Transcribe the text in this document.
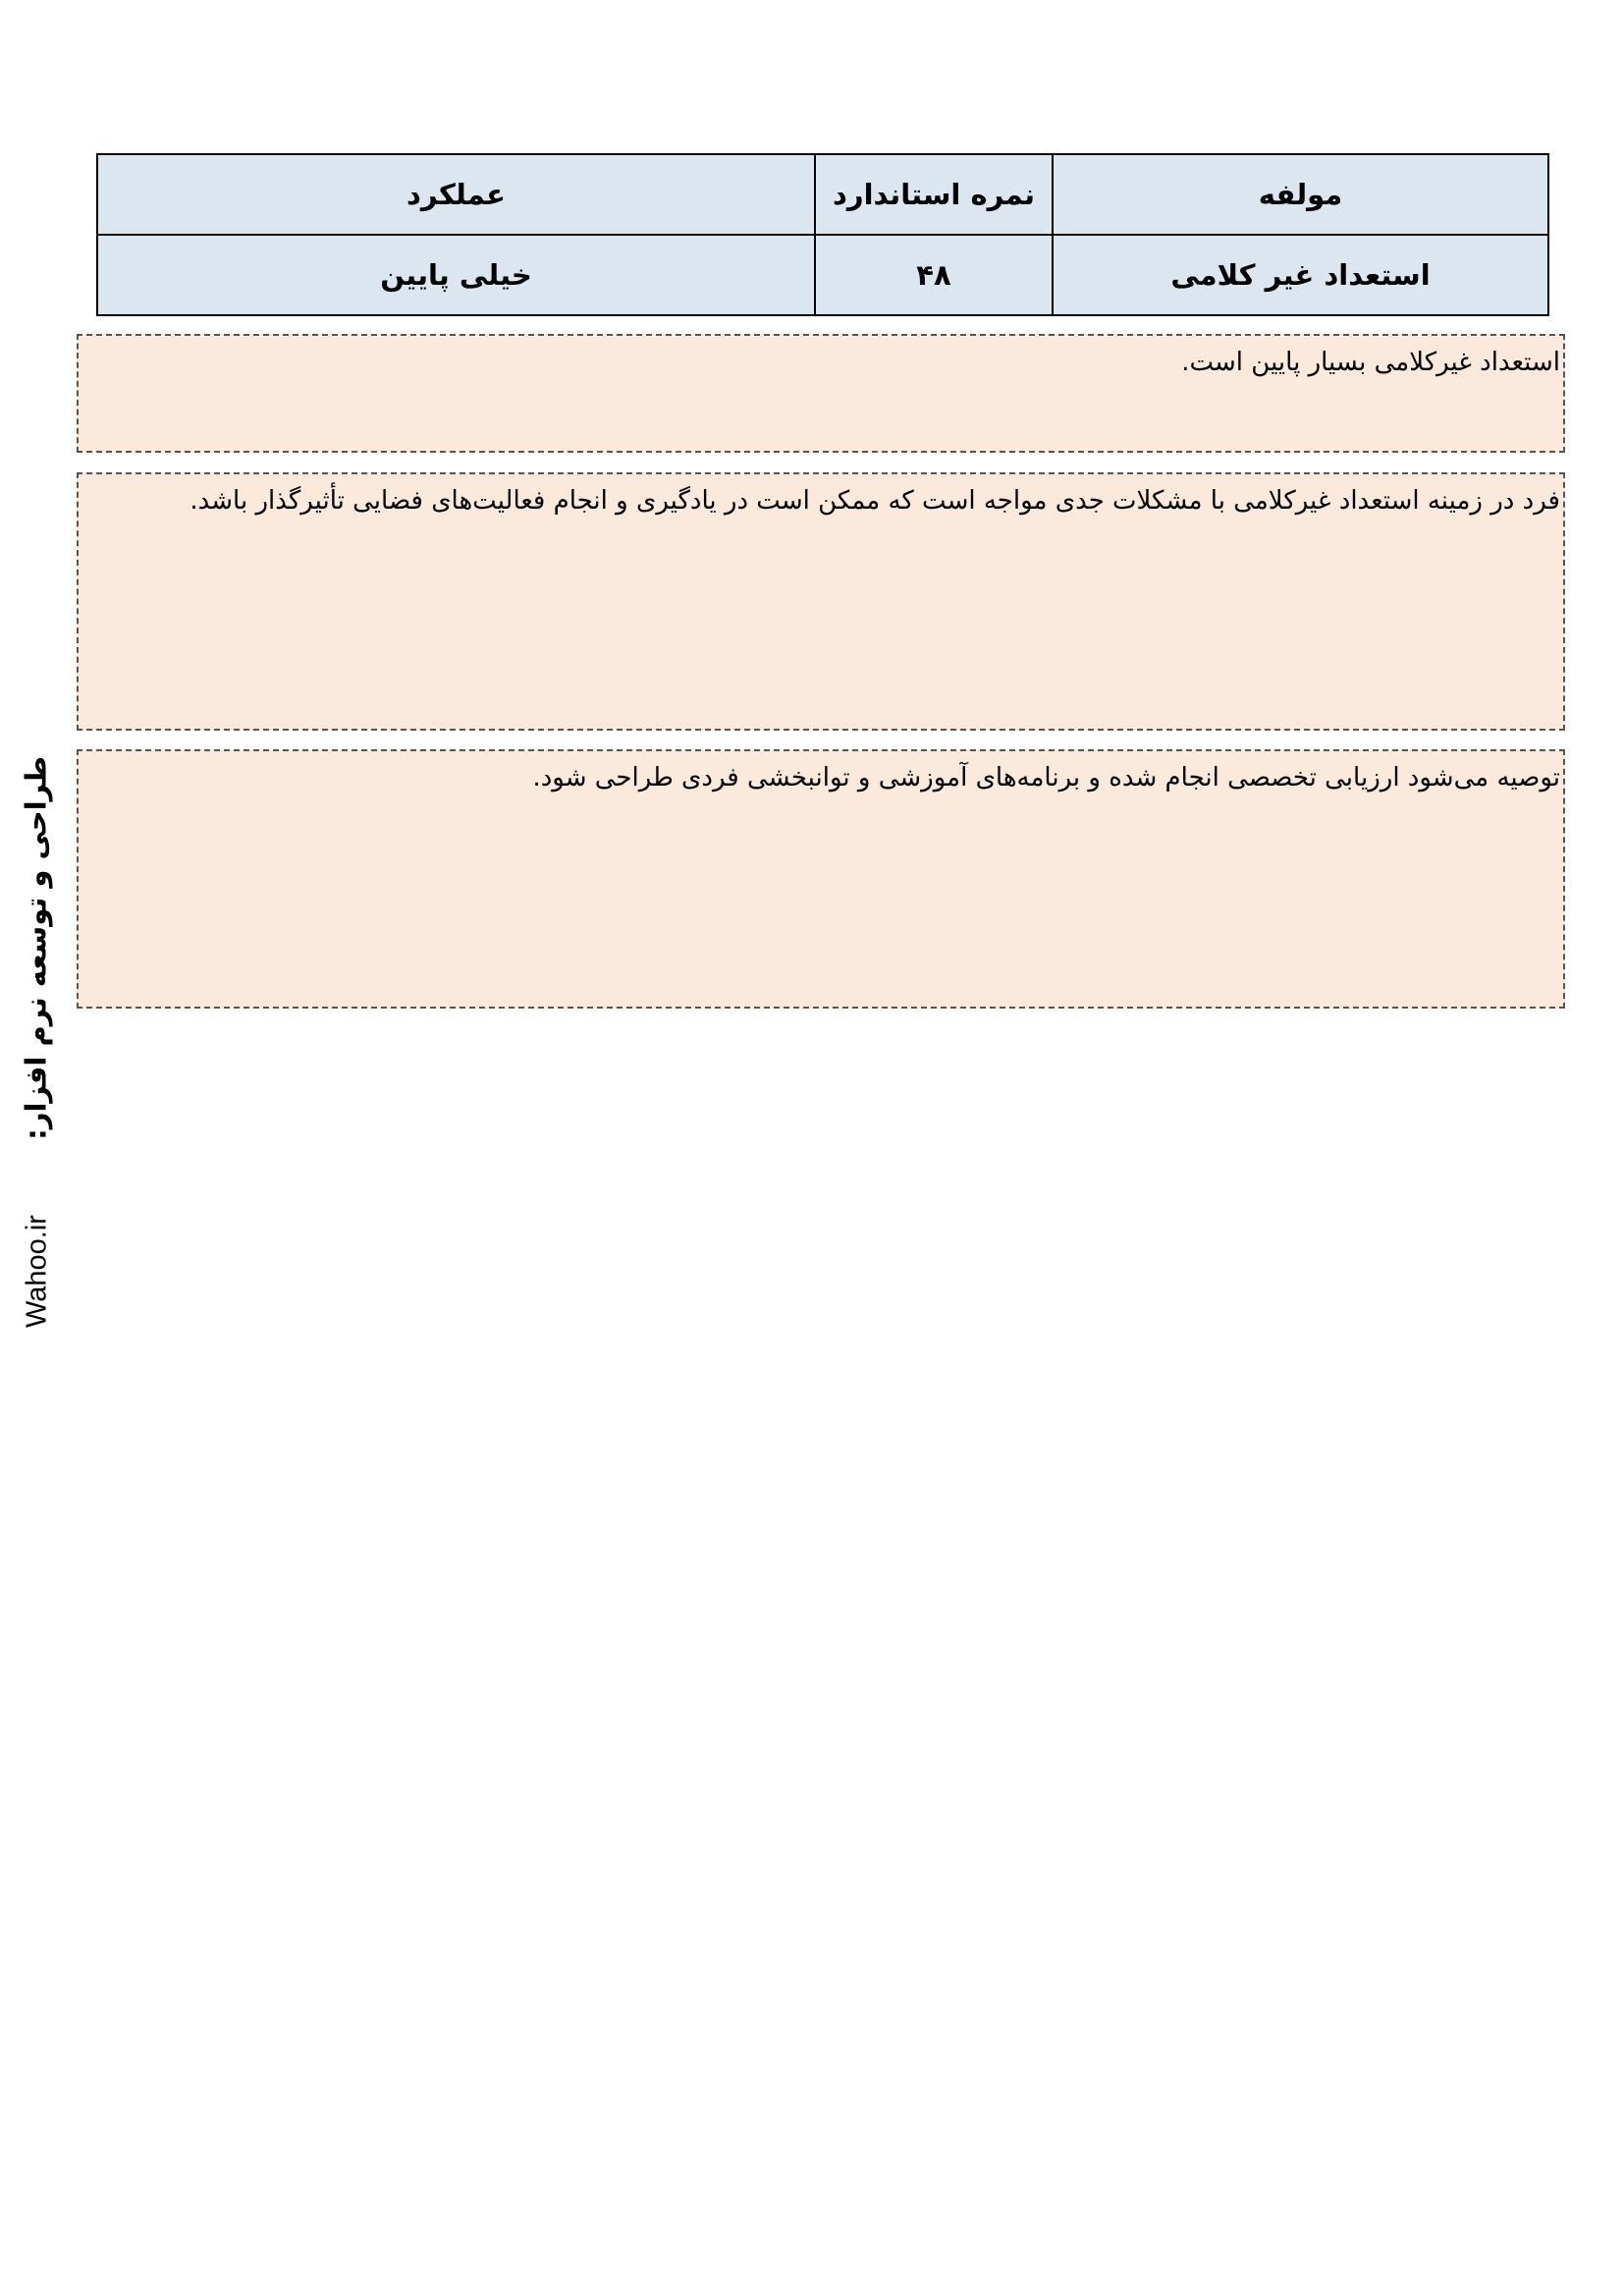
مولفه	نمره استاندارد	عملکرد
استعداد غیر کلامی	۴۸	خیلی پایین

استعداد غیرکلامی بسیار پایین است.

فرد در زمینه استعداد غیرکلامی با مشکلات جدی مواجه است که ممکن است در یادگیری و انجام فعالیت‌های فضایی تأثیرگذار باشد.

توصیه می‌شود ارزیابی تخصصی انجام شده و برنامه‌های آموزشی و توانبخشی فردی طراحی شود.

Wahoo.ir  طراحی و توسعه نرم افزار:
